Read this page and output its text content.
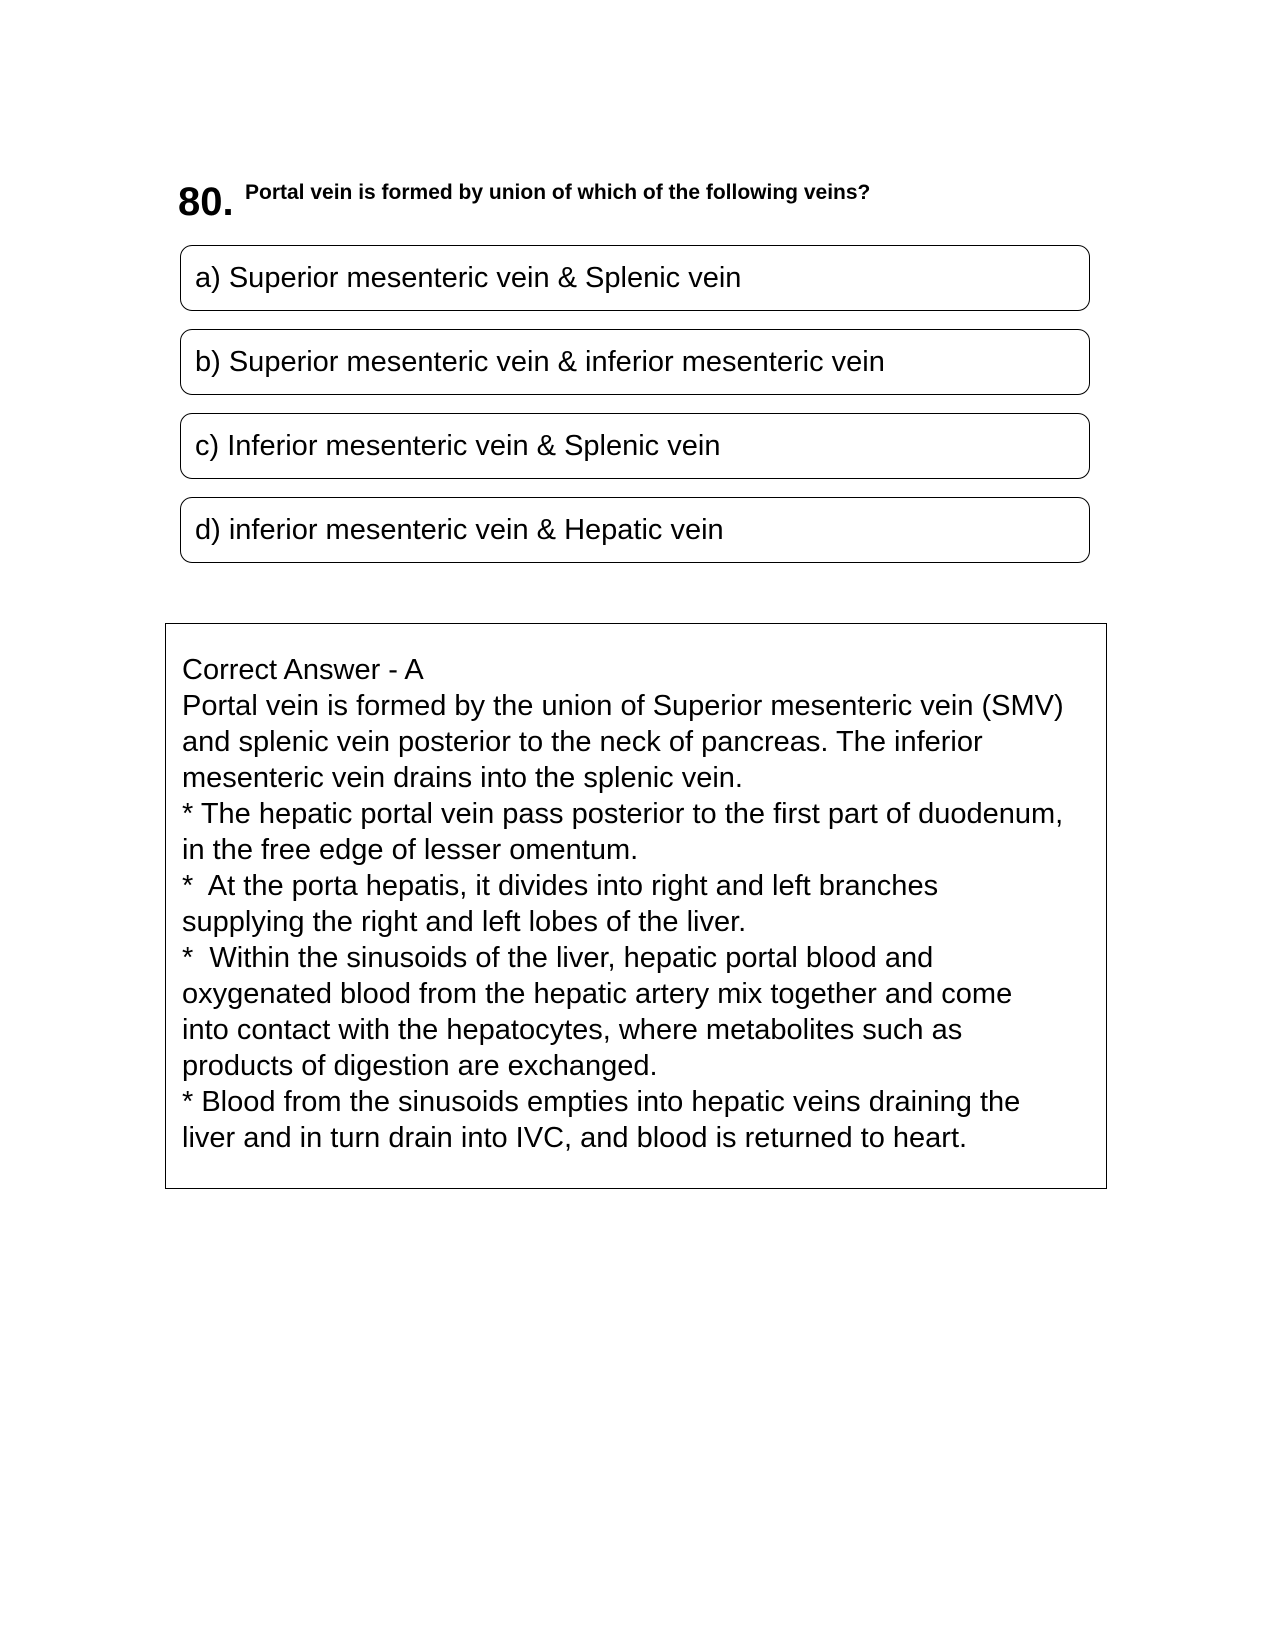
80. Portal vein is formed by union of which of the following veins?
a) Superior mesenteric vein & Splenic vein
b) Superior mesenteric vein & inferior mesenteric vein
c) Inferior mesenteric vein & Splenic vein
d) inferior mesenteric vein & Hepatic vein
Correct Answer - A
Portal vein is formed by the union of Superior mesenteric vein (SMV)
and splenic vein posterior to the neck of pancreas. The inferior
mesenteric vein drains into the splenic vein.
* The hepatic portal vein pass posterior to the first part of duodenum,
in the free edge of lesser omentum.
*  At the porta hepatis, it divides into right and left branches
supplying the right and left lobes of the liver.
*  Within the sinusoids of the liver, hepatic portal blood and
oxygenated blood from the hepatic artery mix together and come
into contact with the hepatocytes, where metabolites such as
products of digestion are exchanged.
* Blood from the sinusoids empties into hepatic veins draining the
liver and in turn drain into IVC, and blood is returned to heart.
